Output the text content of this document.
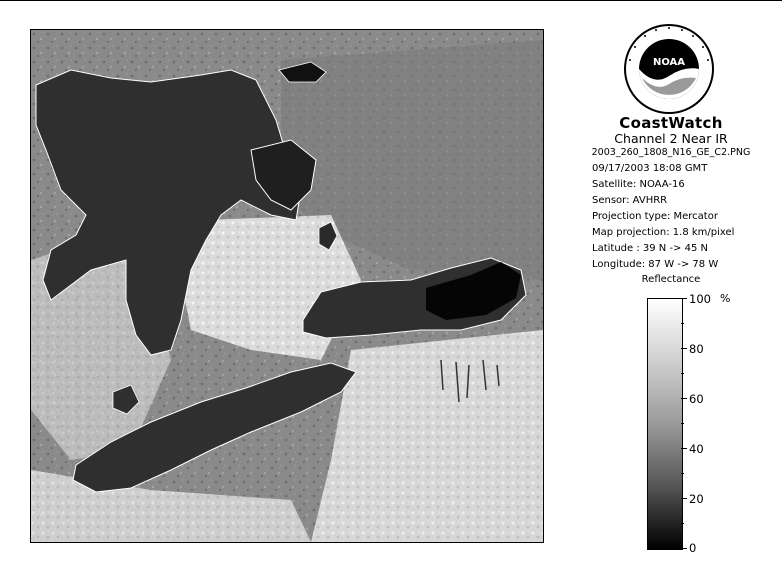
NOAA
CoastWatch
Channel 2 Near IR
2003_260_1808_N16_GE_C2.PNG
09/17/2003 18:08 GMT
Satellite: NOAA-16
Sensor: AVHRR
Projection type: Mercator
Map projection: 1.8 km/pixel
Latitude : 39 N -> 45 N
Longitude: 87 W -> 78 W
Reflectance
100
80
60
40
20
0
%
